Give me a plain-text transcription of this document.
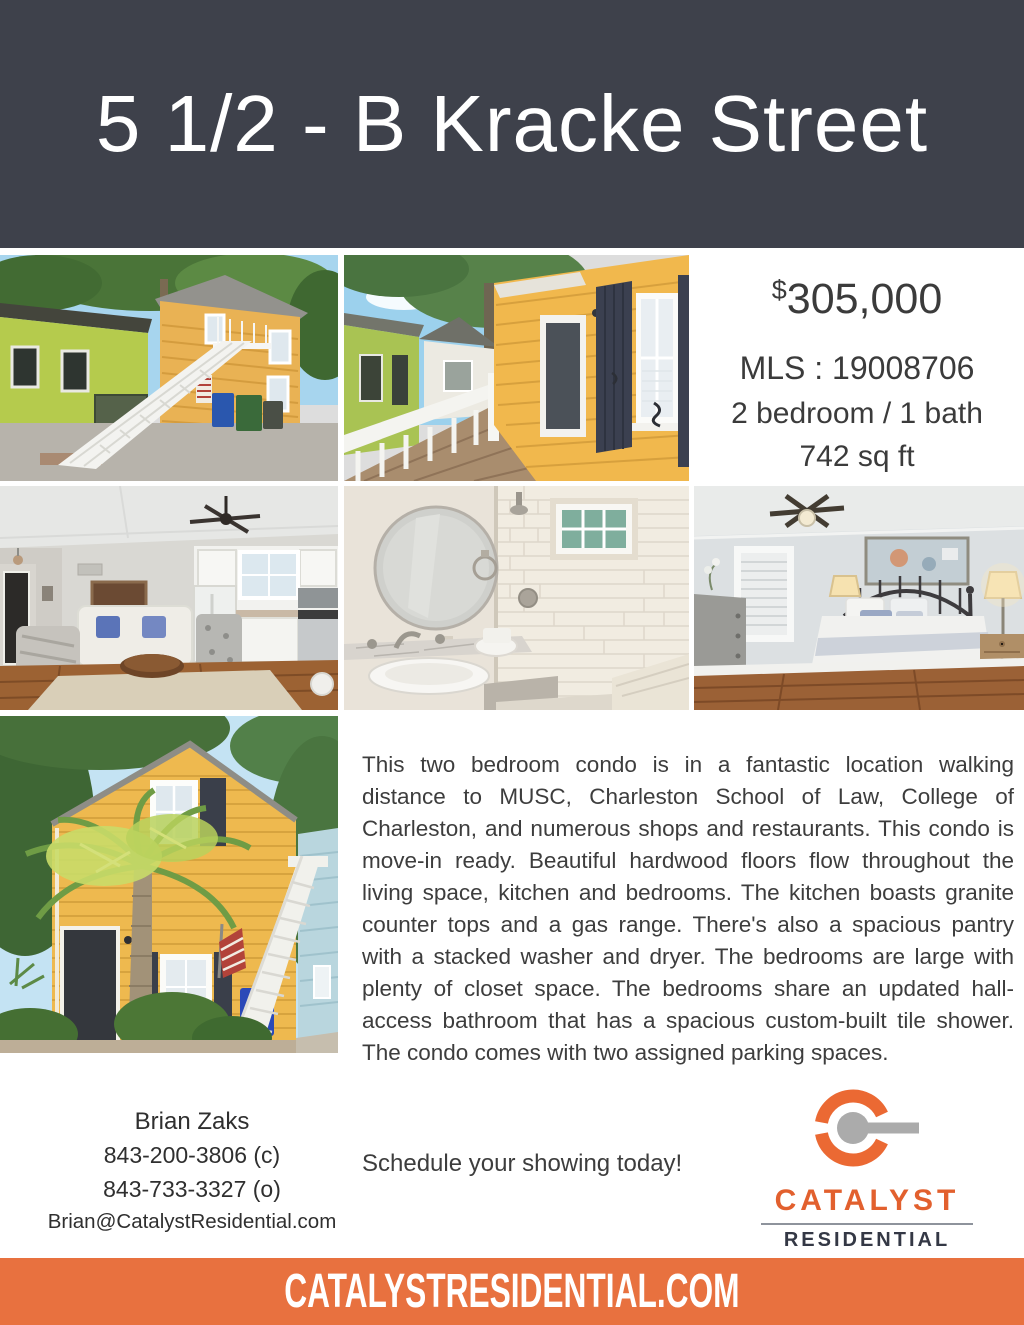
5 1/2 - B Kracke Street
$305,000
MLS : 19008706
2 bedroom / 1 bath
742 sq ft

This two bedroom condo is in a fantastic location walking distance to MUSC, Charleston School of Law, College of Charleston, and numerous shops and restaurants. This condo is move-in ready. Beautiful hardwood floors flow throughout the living space, kitchen and bedrooms. The kitchen boasts granite counter tops and a gas range. There's also a spacious pantry with a stacked washer and dryer. The bedrooms are large with plenty of closet space. The bedrooms share an updated hall-access bathroom that has a spacious custom-built tile shower. The condo comes with two assigned parking spaces.

Schedule your showing today!

Brian Zaks
843-200-3806 (c)
843-733-3327 (o)
Brian@CatalystResidential.com
CATALYST
RESIDENTIAL
CATALYSTRESIDENTIAL.COM
